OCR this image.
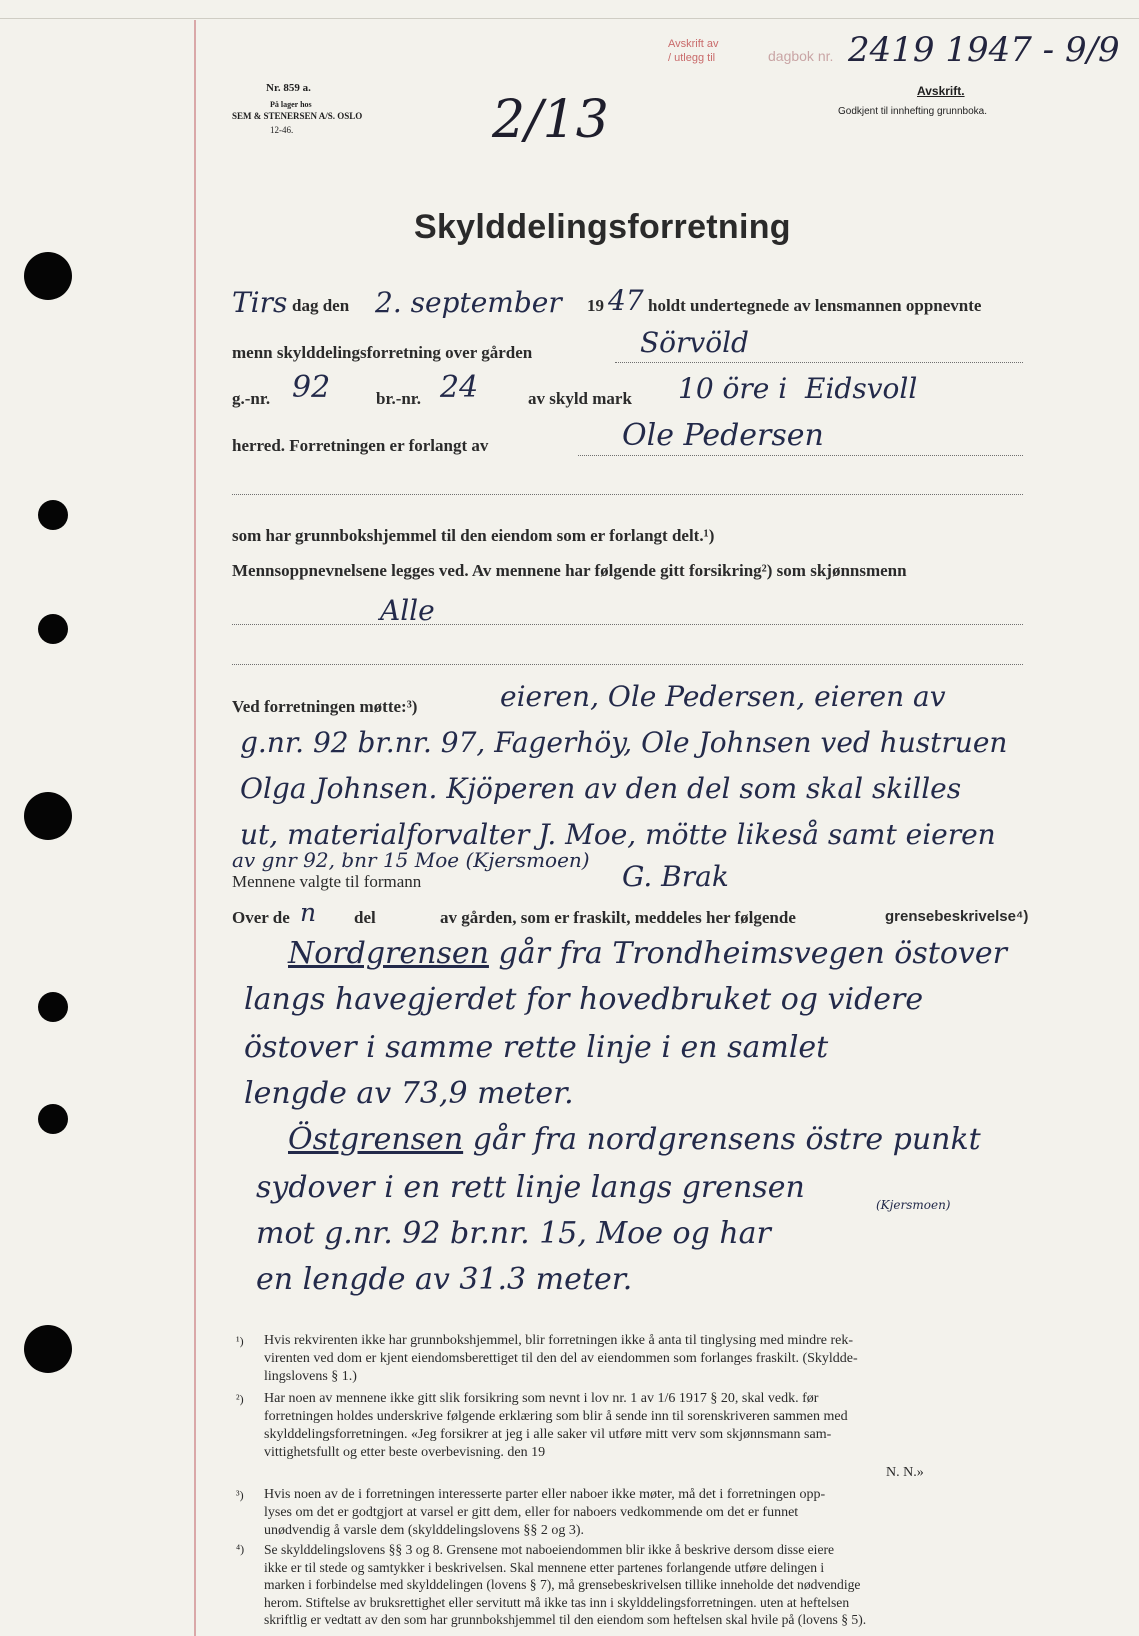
Nr. 859 a.
På lager hos
SEM & STENERSEN A/S. OSLO
12-46.	2/13
Avskrift av
/ utlegg til	dagbok nr. 2419 1947 - 9/9
Avskrift.
Godkjent til innhefting grunnboka.
Skylddelingsforretning
Tirs dag den 2. september 19 47 holdt undertegnede av lensmannen oppnevnte
menn skylddelingsforretning over gården	Sörvöld
g.-nr. 92	br.-nr. 24	av skyld mark 10 öre i Eidsvoll
herred. Forretningen er forlangt av	Ole Pedersen
som har grunnbokshjemmel til den eiendom som er forlangt delt.¹)
Mennsoppnevnelsene legges ved. Av mennene har følgende gitt forsikring²) som skjønnsmenn
Alle
Ved forretningen møtte:³)	eieren, Ole Pedersen, eieren av
g.nr. 92 br.nr. 97, Fagerhöy, Ole Johnsen ved hustruen
Olga Johnsen. Kjöperen av den del som skal skilles
ut, materialforvalter J. Moe, mötte likeså samt eieren
av gnr 92, bnr 15 Moe (Kjersmoen)
Mennene valgte til formann	G. Brak
Over de n del	av gården, som er fraskilt, meddeles her følgende	grensebeskrivelse⁴)
Nordgrensen går fra Trondheimsvegen östover
langs havegjerdet for hovedbruket og videre
östover i samme rette linje i en samlet
lengde av 73,9 meter.
Östgrensen går fra nordgrensens östre punkt
sydover i en rett linje langs grensen	(Kjersmoen)
mot g.nr. 92 br.nr. 15, Moe og har
en lengde av 31.3 meter.
¹) Hvis rekvirenten ikke har grunnbokshjemmel, blir forretningen ikke å anta til tinglysing med mindre rek-
virenten ved dom er kjent eiendomsberettiget til den del av eiendommen som forlanges fraskilt. (Skyldde-
lingslovens § 1.)
²) Har noen av mennene ikke gitt slik forsikring som nevnt i lov nr. 1 av 1/6 1917 § 20, skal vedk. før
forretningen holdes underskrive følgende erklæring som blir å sende inn til sorenskriveren sammen med
skylddelingsforretningen. «Jeg forsikrer at jeg i alle saker vil utføre mitt verv som skjønnsmann sam-
vittighetsfullt og etter beste overbevisning. den 19
N. N.»
³) Hvis noen av de i forretningen interesserte parter eller naboer ikke møter, må det i forretningen opp-
lyses om det er godtgjort at varsel er gitt dem, eller for naboers vedkommende om det er funnet
unødvendig å varsle dem (skylddelingslovens §§ 2 og 3).
⁴) Se skylddelingslovens §§ 3 og 8. Grensene mot naboeiendommen blir ikke å beskrive dersom disse eiere
ikke er til stede og samtykker i beskrivelsen. Skal mennene etter partenes forlangende utføre delingen i
marken i forbindelse med skylddelingen (lovens § 7), må grensebeskrivelsen tillike inneholde det nødvendige
herom. Stiftelse av bruksrettighet eller servitutt må ikke tas inn i skylddelingsforretningen. uten at heftelsen
skriftlig er vedtatt av den som har grunnbokshjemmel til den eiendom som heftelsen skal hvile på (lovens § 5).
